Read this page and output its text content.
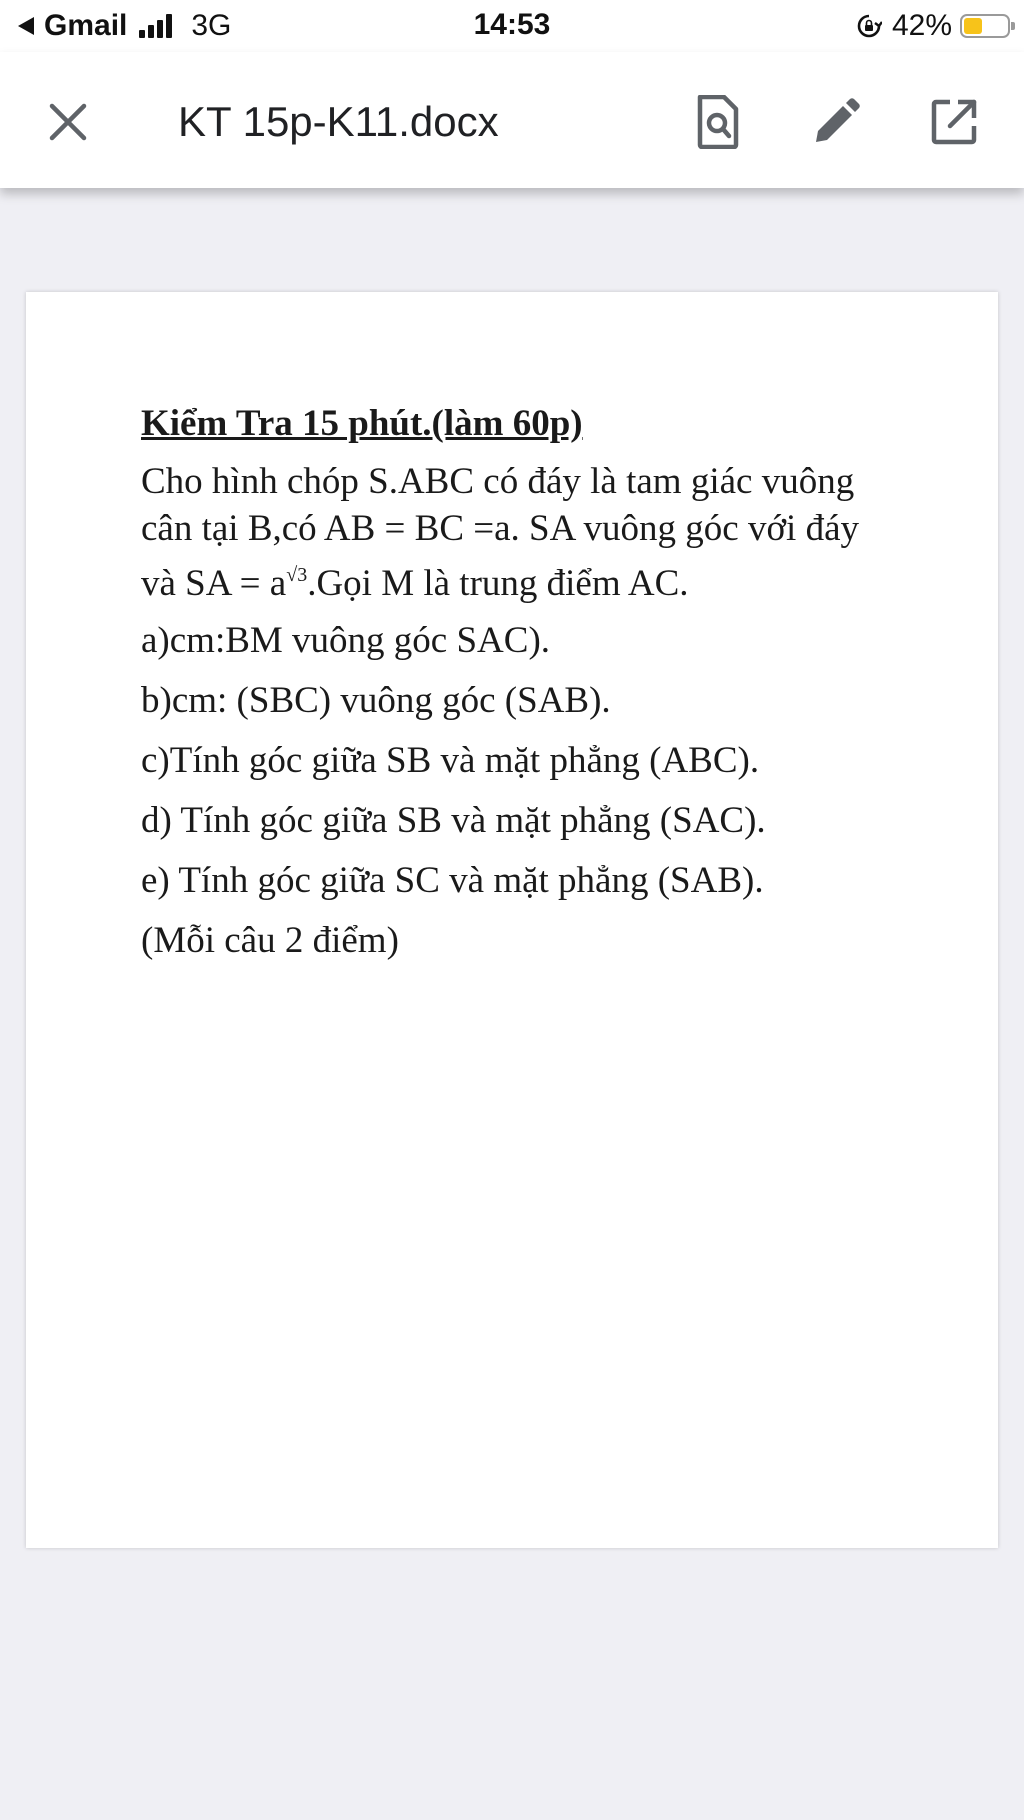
Gmail 3G	14:53	42%
KT 15p-K11.docx

Kiểm Tra 15 phút.(làm 60p)

Cho hình chóp S.ABC có đáy là tam giác vuông cân tại B,có AB = BC =a. SA vuông góc với đáy và SA = $a^{√3}.Gọi$ M là trung điểm AC.

a)cm:BM vuông góc SAC).

b)cm: (SBC) vuông góc (SAB).

c)Tính góc giữa SB và mặt phẳng (ABC).

d) Tính góc giữa SB và mặt phẳng (SAC).

e) Tính góc giữa SC và mặt phẳng (SAB).

(Mỗi câu 2 điểm)
